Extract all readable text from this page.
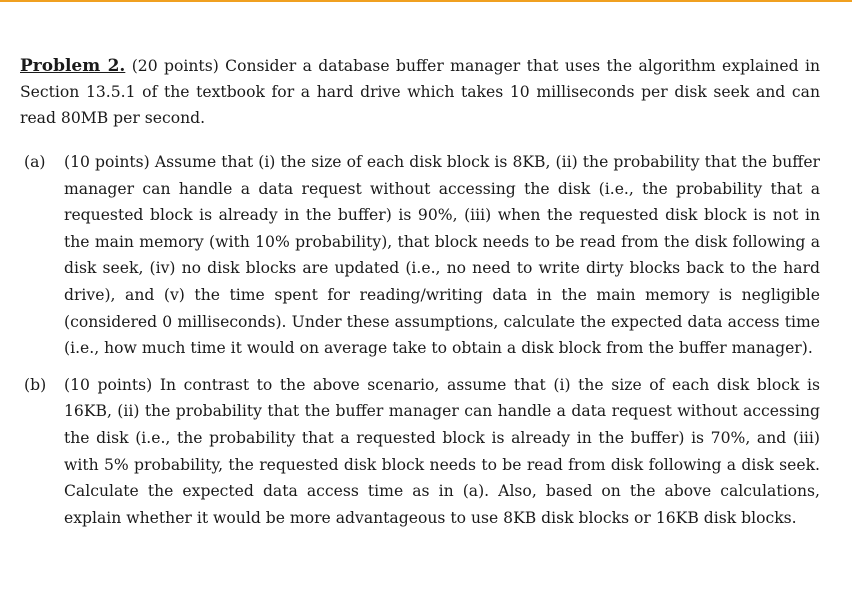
Problem 2. (20 points) Consider a database buffer manager that uses the algorithm explained in Section 13.5.1 of the textbook for a hard drive which takes 10 milliseconds per disk seek and can read 80MB per second.

(a)	(10 points) Assume that (i) the size of each disk block is 8KB, (ii) the probability that the buffer manager can handle a data request without accessing the disk (i.e., the probability that a requested block is already in the buffer) is 90%, (iii) when the requested disk block is not in the main memory (with 10% probability), that block needs to be read from the disk following a disk seek, (iv) no disk blocks are updated (i.e., no need to write dirty blocks back to the hard drive), and (v) the time spent for reading/writing data in the main memory is negligible (considered 0 milliseconds). Under these assumptions, calculate the expected data access time (i.e., how much time it would on average take to obtain a disk block from the buffer manager).

(b)	(10 points) In contrast to the above scenario, assume that (i) the size of each disk block is 16KB, (ii) the probability that the buffer manager can handle a data request without accessing the disk (i.e., the probability that a requested block is already in the buffer) is 70%, and (iii) with 5% probability, the requested disk block needs to be read from disk following a disk seek. Calculate the expected data access time as in (a). Also, based on the above calculations, explain whether it would be more advantageous to use 8KB disk blocks or 16KB disk blocks.
